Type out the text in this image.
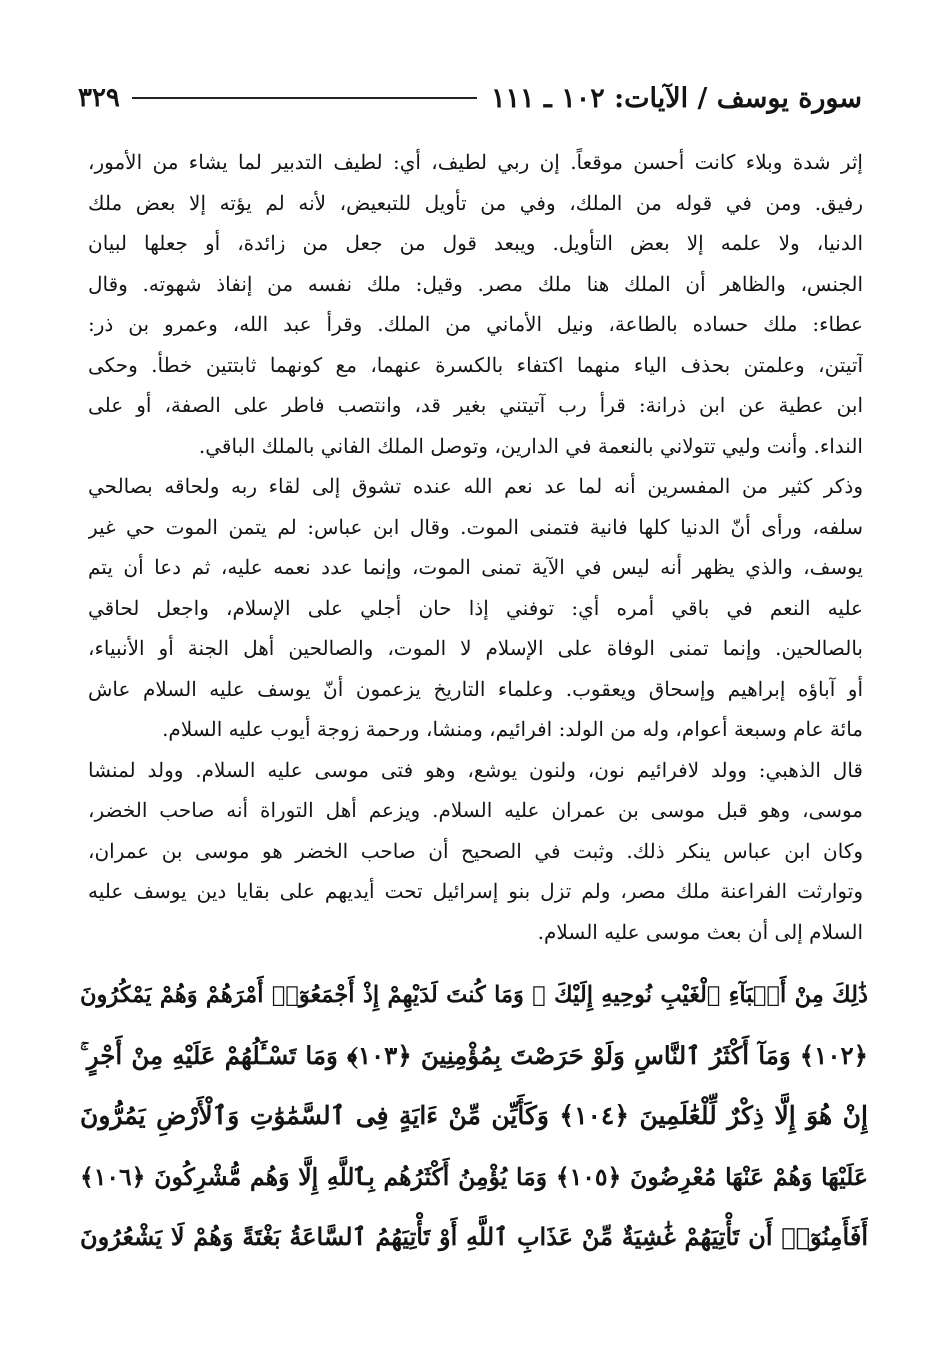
سورة يوسف / الآيات: ١٠٢ ـ ١١١
٣٢٩
إثر شدة وبلاء كانت أحسن موقعاً. إن ربي لطيف، أي: لطيف التدبير لما يشاء من الأمور،
رفيق. ومن في قوله من الملك، وفي من تأويل للتبعيض، لأنه لم يؤته إلا بعض ملك
الدنيا، ولا علمه إلا بعض التأويل. ويبعد قول من جعل من زائدة، أو جعلها لبيان
الجنس، والظاهر أن الملك هنا ملك مصر. وقيل: ملك نفسه من إنفاذ شهوته. وقال
عطاء: ملك حساده بالطاعة، ونيل الأماني من الملك. وقرأ عبد الله، وعمرو بن ذر:
آتيتن، وعلمتن بحذف الياء منهما اكتفاء بالكسرة عنهما، مع كونهما ثابتتين خطأ. وحكى
ابن عطية عن ابن ذرانة: قرأ رب آتيتني بغير قد، وانتصب فاطر على الصفة، أو على
النداء. وأنت وليي تتولاني بالنعمة في الدارين، وتوصل الملك الفاني بالملك الباقي.
وذكر كثير من المفسرين أنه لما عد نعم الله عنده تشوق إلى لقاء ربه ولحاقه بصالحي
سلفه، ورأى أنّ الدنيا كلها فانية فتمنى الموت. وقال ابن عباس: لم يتمن الموت حي غير
يوسف، والذي يظهر أنه ليس في الآية تمنى الموت، وإنما عدد نعمه عليه، ثم دعا أن يتم
عليه النعم في باقي أمره أي: توفني إذا حان أجلي على الإسلام، واجعل لحاقي
بالصالحين. وإنما تمنى الوفاة على الإسلام لا الموت، والصالحين أهل الجنة أو الأنبياء،
أو آباؤه إبراهيم وإسحاق ويعقوب. وعلماء التاريخ يزعمون أنّ يوسف عليه السلام عاش
مائة عام وسبعة أعوام، وله من الولد: افرائيم، ومنشا، ورحمة زوجة أيوب عليه السلام.
قال الذهبي: وولد لافرائيم نون، ولنون يوشع، وهو فتى موسى عليه السلام. وولد لمنشا
موسى، وهو قبل موسى بن عمران عليه السلام. ويزعم أهل التوراة أنه صاحب الخضر،
وكان ابن عباس ينكر ذلك. وثبت في الصحيح أن صاحب الخضر هو موسى بن عمران،
وتوارثت الفراعنة ملك مصر، ولم تزل بنو إسرائيل تحت أيديهم على بقايا دين يوسف عليه
السلام إلى أن بعث موسى عليه السلام.
ذَٰلِكَ مِنْ أَنۢبَآءِ ٱلْغَيْبِ نُوحِيهِ إِلَيْكَ ۖ وَمَا كُنتَ لَدَيْهِمْ إِذْ أَجْمَعُوٓا۟ أَمْرَهُمْ وَهُمْ يَمْكُرُونَ
﴿١٠٢﴾ وَمَآ أَكْثَرُ ٱلنَّاسِ وَلَوْ حَرَصْتَ بِمُؤْمِنِينَ ﴿١٠٣﴾ وَمَا تَسْـَٔلُهُمْ عَلَيْهِ مِنْ أَجْرٍ ۚ
إِنْ هُوَ إِلَّا ذِكْرٌ لِّلْعَٰلَمِينَ ﴿١٠٤﴾ وَكَأَيِّن مِّنْ ءَايَةٍ فِى ٱلسَّمَٰوَٰتِ وَٱلْأَرْضِ يَمُرُّونَ
عَلَيْهَا وَهُمْ عَنْهَا مُعْرِضُونَ ﴿١٠٥﴾ وَمَا يُؤْمِنُ أَكْثَرُهُم بِٱللَّهِ إِلَّا وَهُم مُّشْرِكُونَ ﴿١٠٦﴾
أَفَأَمِنُوٓا۟ أَن تَأْتِيَهُمْ غَٰشِيَةٌ مِّنْ عَذَابِ ٱللَّهِ أَوْ تَأْتِيَهُمُ ٱلسَّاعَةُ بَغْتَةً وَهُمْ لَا يَشْعُرُونَ
